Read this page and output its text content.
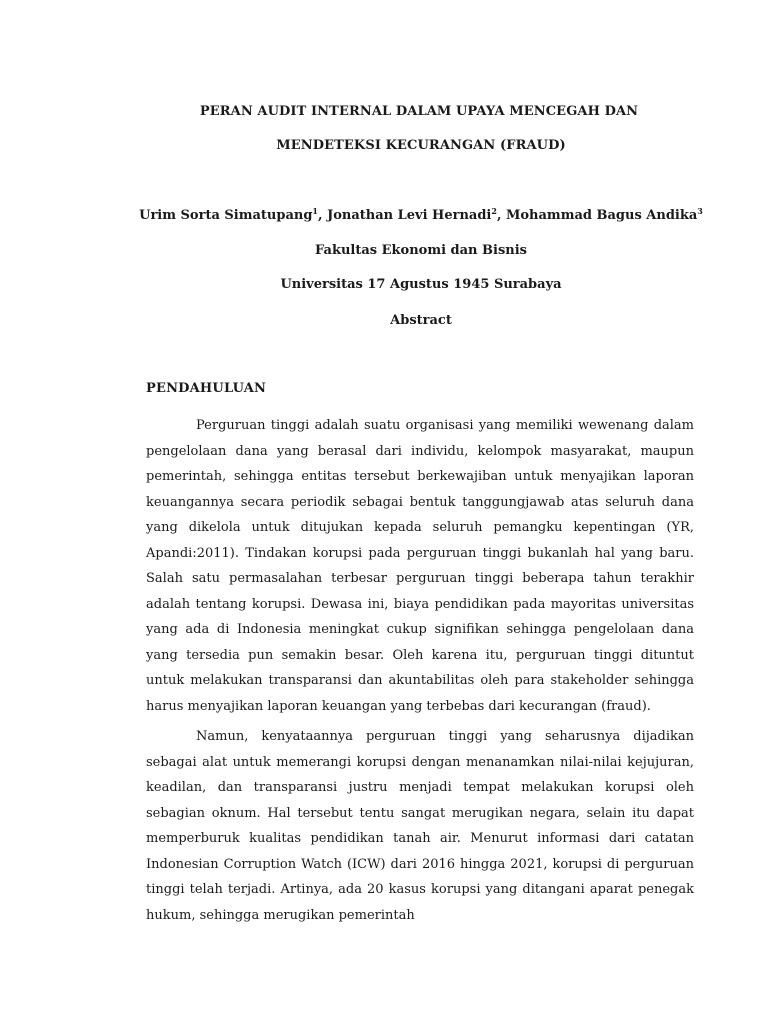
PERAN AUDIT INTERNAL DALAM UPAYA MENCEGAH DAN
MENDETEKSI KECURANGAN (FRAUD)
Urim Sorta Simatupang$^1$, Jonathan Levi Hernadi$^2$, Mohammad Bagus Andika$^3$
Fakultas Ekonomi dan Bisnis
Universitas 17 Agustus 1945 Surabaya
Abstract
PENDAHULUAN

Perguruan tinggi adalah suatu organisasi yang memiliki wewenang dalam pengelolaan dana yang berasal dari individu, kelompok masyarakat, maupun pemerintah, sehingga entitas tersebut berkewajiban untuk menyajikan laporan keuangannya secara periodik sebagai bentuk tanggungjawab atas seluruh dana yang dikelola untuk ditujukan kepada seluruh pemangku kepentingan (YR, Apandi:2011). Tindakan korupsi pada perguruan tinggi bukanlah hal yang baru. Salah satu permasalahan terbesar perguruan tinggi beberapa tahun terakhir adalah tentang korupsi. Dewasa ini, biaya pendidikan pada mayoritas universitas yang ada di Indonesia meningkat cukup signifikan sehingga pengelolaan dana yang tersedia pun semakin besar. Oleh karena itu, perguruan tinggi dituntut untuk melakukan transparansi dan akuntabilitas oleh para stakeholder sehingga harus menyajikan laporan keuangan yang terbebas dari kecurangan (fraud).

Namun, kenyataannya perguruan tinggi yang seharusnya dijadikan sebagai alat untuk memerangi korupsi dengan menanamkan nilai-nilai kejujuran, keadilan, dan transparansi justru menjadi tempat melakukan korupsi oleh sebagian oknum. Hal tersebut tentu sangat merugikan negara, selain itu dapat memperburuk kualitas pendidikan tanah air. Menurut informasi dari catatan Indonesian Corruption Watch (ICW) dari 2016 hingga 2021, korupsi di perguruan tinggi telah terjadi. Artinya, ada 20 kasus korupsi yang ditangani aparat penegak hukum, sehingga merugikan pemerintah
